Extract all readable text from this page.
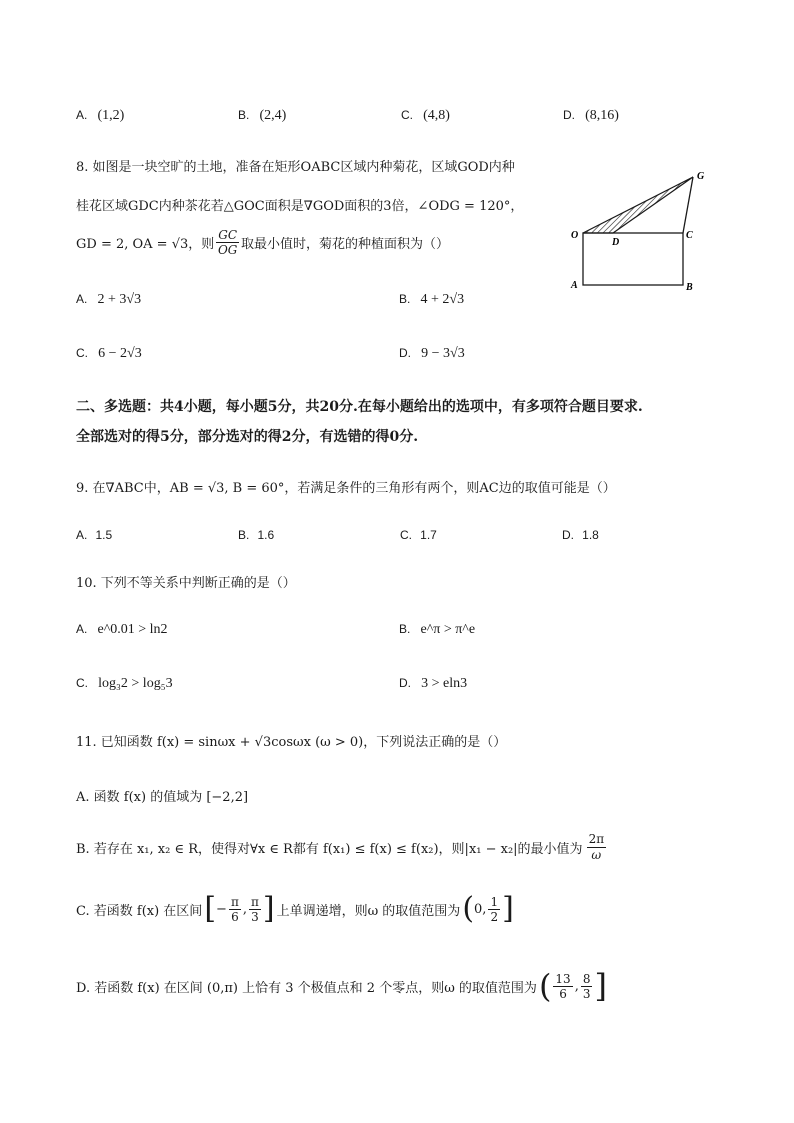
A. (1,2)	B. (2,4)	C. (4,8)	D. (8,16)
8. 如图是一块空旷的土地，准备在矩形OABC区域内种菊花，区域GOD内种
桂花区域GDC内种茶花若△GOC面积是∇GOD面积的3倍，∠ODG = 120°，
GD = 2, OA = √3，则 $\frac{GC}{OG}$ 取最小值时，菊花的种植面积为（）
O
D
C
G
A	B
A. 2 + 3√3	B. 4 + 2√3
C. 6 − 2√3	D. 9 − 3√3
二、多选题：共4小题，每小题5分，共20分.在每小题给出的选项中，有多项符合题目要求.
全部选对的得5分，部分选对的得2分，有选错的得0分.
9. 在∇ABC中，AB = √3, B = 60°，若满足条件的三角形有两个，则AC边的取值可能是（）
A. 1.5	B. 1.6	C. 1.7	D. 1.8
10. 下列不等关系中判断正确的是（）
A. e^0.01 > ln2	B. e^π > π^e
C. log₃2 > log₅3	D. 3 > eln3
11. 已知函数 f(x) = sinωx + √3cosωx (ω > 0)，下列说法正确的是（）
A. 函数 f(x) 的值域为 [−2,2]
B. 若存在 x₁, x₂ ∈ R，使得对∀x ∈ R都有 f(x₁) ≤ f(x) ≤ f(x₂)，则|x₁ − x₂|的最小值为 $\frac{2\pi}{\omega}$
C. 若函数 f(x) 在区间 [ − $\frac{\pi}{6}$ , $\frac{\pi}{3}$ ] 上单调递增，则ω 的取值范围为 ( 0, $\frac{1}{2}$ ]
D. 若函数 f(x) 在区间 (0,π) 上恰有 3 个极值点和 2 个零点，则ω 的取值范围为 ( $\frac{13}{6}$ , $\frac{8}{3}$ ]
